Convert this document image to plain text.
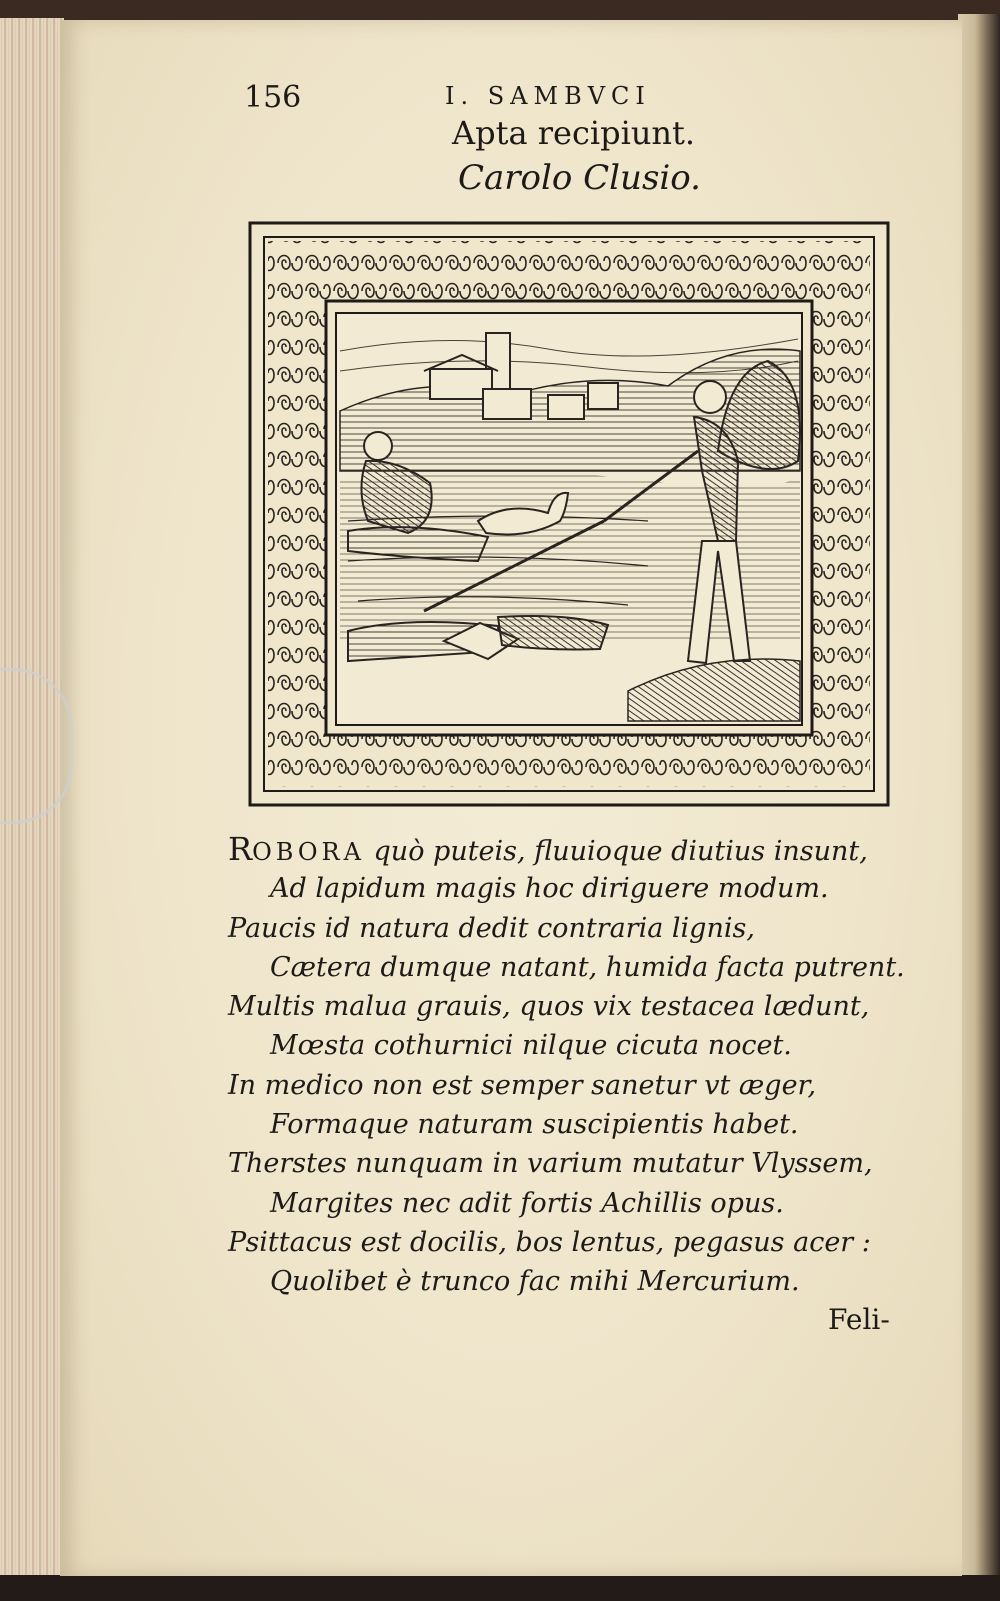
156	I. SAMBVCI
Apta recipiunt.
Carolo Clusio.
ROBORA quò puteis, fluuioque diutius insunt,
Ad lapidum magis hoc diriguere modum.
Paucis id natura dedit contraria lignis,
Cætera dumque natant, humida facta putrent.
Multis malua grauis, quos vix testacea lædunt,
Mœsta cothurnici nilque cicuta nocet.
In medico non est semper sanetur vt æger,
Formaque naturam suscipientis habet.
Therstes nunquam in varium mutatur Vlyssem,
Margites nec adit fortis Achillis opus.
Psittacus est docilis, bos lentus, pegasus acer :
Quolibet è trunco fac mihi Mercurium.
Feli-
